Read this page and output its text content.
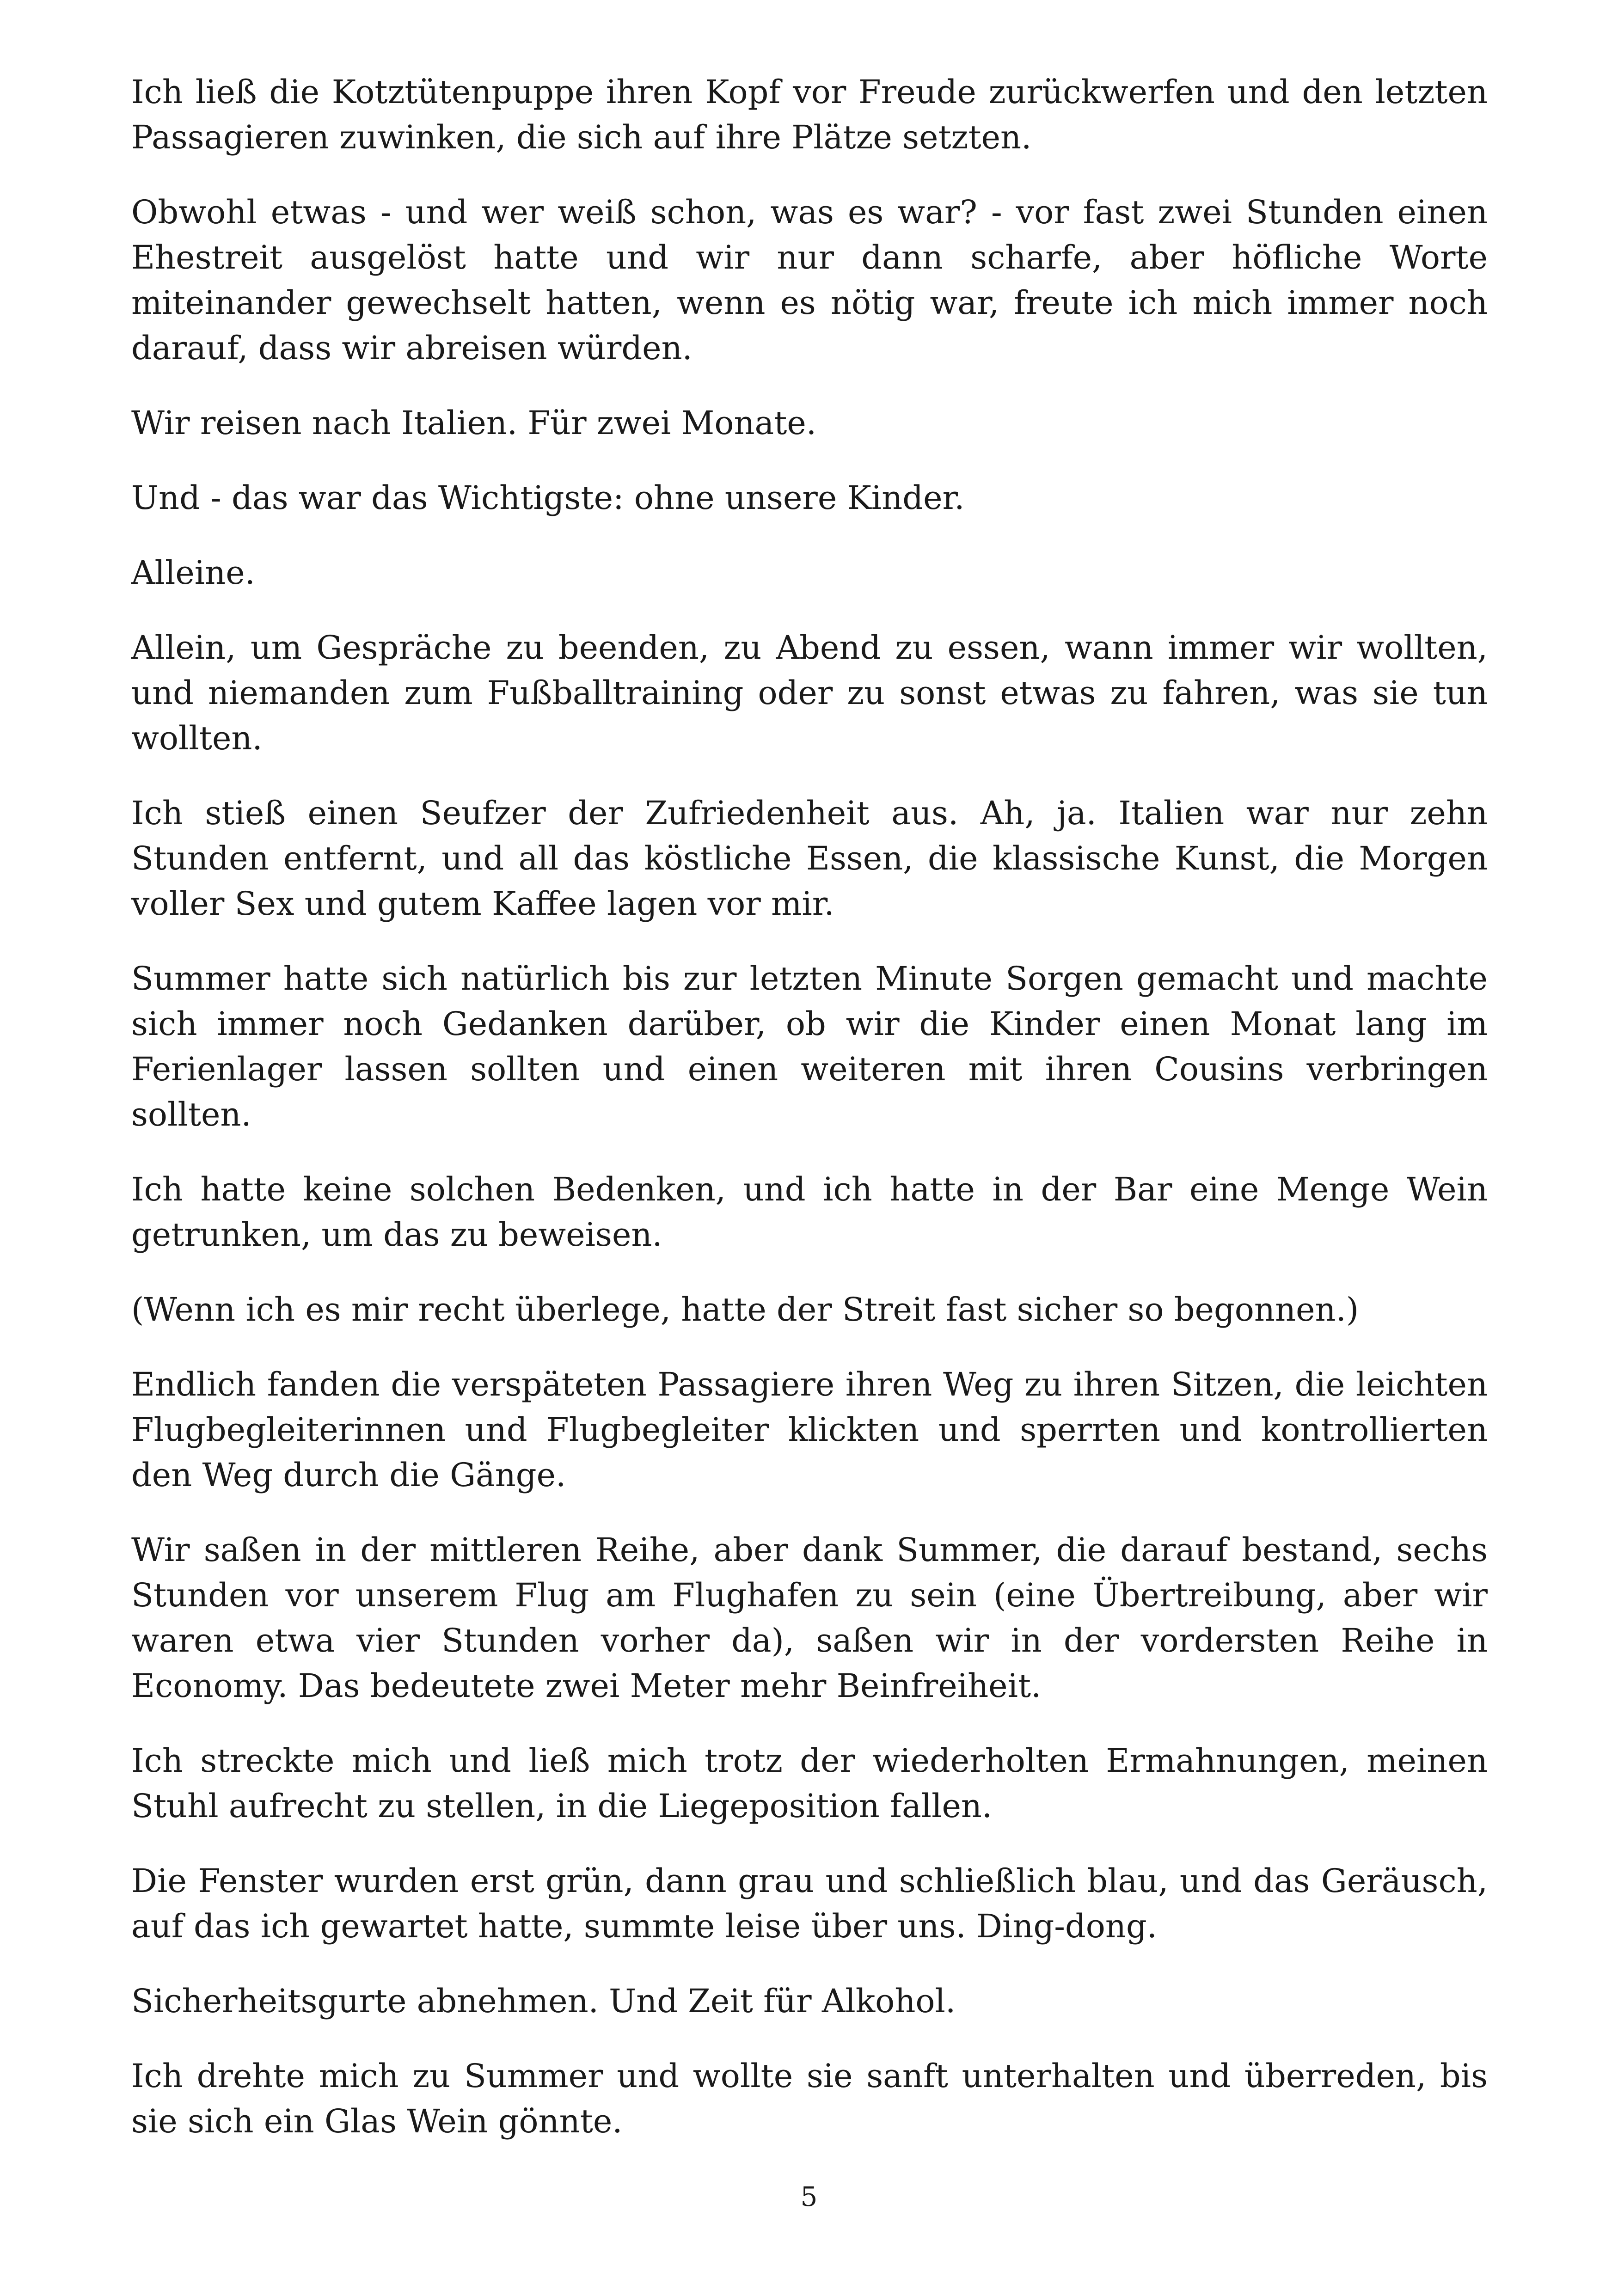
Ich ließ die Kotztütenpuppe ihren Kopf vor Freude zurückwerfen und den letzten Passagieren zuwinken, die sich auf ihre Plätze setzten.

Obwohl etwas - und wer weiß schon, was es war? - vor fast zwei Stunden einen Ehestreit ausgelöst hatte und wir nur dann scharfe, aber höfliche Worte miteinander gewechselt hatten, wenn es nötig war, freute ich mich immer noch darauf, dass wir abreisen würden.

Wir reisen nach Italien. Für zwei Monate.

Und - das war das Wichtigste: ohne unsere Kinder.

Alleine.

Allein, um Gespräche zu beenden, zu Abend zu essen, wann immer wir wollten, und niemanden zum Fußballtraining oder zu sonst etwas zu fahren, was sie tun wollten.

Ich stieß einen Seufzer der Zufriedenheit aus. Ah, ja. Italien war nur zehn Stunden entfernt, und all das köstliche Essen, die klassische Kunst, die Morgen voller Sex und gutem Kaffee lagen vor mir.

Summer hatte sich natürlich bis zur letzten Minute Sorgen gemacht und machte sich immer noch Gedanken darüber, ob wir die Kinder einen Monat lang im Ferienlager lassen sollten und einen weiteren mit ihren Cousins verbringen sollten.

Ich hatte keine solchen Bedenken, und ich hatte in der Bar eine Menge Wein getrunken, um das zu beweisen.

(Wenn ich es mir recht überlege, hatte der Streit fast sicher so begonnen.)

Endlich fanden die verspäteten Passagiere ihren Weg zu ihren Sitzen, die leichten Flugbegleiterinnen und Flugbegleiter klickten und sperrten und kontrollierten den Weg durch die Gänge.

Wir saßen in der mittleren Reihe, aber dank Summer, die darauf bestand, sechs Stunden vor unserem Flug am Flughafen zu sein (eine Übertreibung, aber wir waren etwa vier Stunden vorher da), saßen wir in der vordersten Reihe in Economy. Das bedeutete zwei Meter mehr Beinfreiheit.

Ich streckte mich und ließ mich trotz der wiederholten Ermahnungen, meinen Stuhl aufrecht zu stellen, in die Liegeposition fallen.

Die Fenster wurden erst grün, dann grau und schließlich blau, und das Geräusch, auf das ich gewartet hatte, summte leise über uns. Ding-dong.

Sicherheitsgurte abnehmen. Und Zeit für Alkohol.

Ich drehte mich zu Summer und wollte sie sanft unterhalten und überreden, bis sie sich ein Glas Wein gönnte.

5
